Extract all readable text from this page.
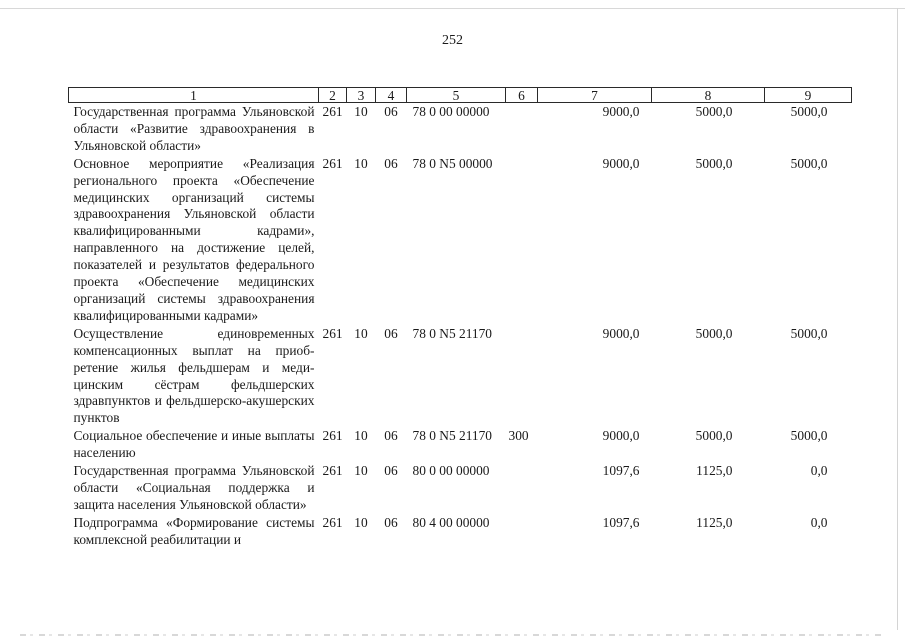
252
1	2	3	4	5	6	7	8	9
Государственная программа Ульяновской области «Развитие здравоохранения в Ульяновской области»	261	10	06	78 0 00 00000		9000,0	5000,0	5000,0
Основное мероприятие «Реализация регионального проекта «Обеспечение медицинских организаций системы здравоохранения Ульяновской области квалифицированными кадрами», направленного на достижение целей, показателей и результатов федерального проекта «Обеспечение медицинских организаций системы здравоохранения квалифицированными кадрами»	261	10	06	78 0 N5 00000		9000,0	5000,0	5000,0
Осуществление единовременных компенсационных выплат на приобретение жилья фельдшерам и медицинским сёстрам фельдшерских здравпунктов и фельдшерско-акушерских пунктов	261	10	06	78 0 N5 21170		9000,0	5000,0	5000,0
Социальное обеспечение и иные выплаты населению	261	10	06	78 0 N5 21170	300	9000,0	5000,0	5000,0
Государственная программа Ульяновской области «Социальная поддержка и защита населения Ульяновской области»	261	10	06	80 0 00 00000		1097,6	1125,0	0,0
Подпрограмма «Формирование системы комплексной реабилитации и	261	10	06	80 4 00 00000		1097,6	1125,0	0,0
